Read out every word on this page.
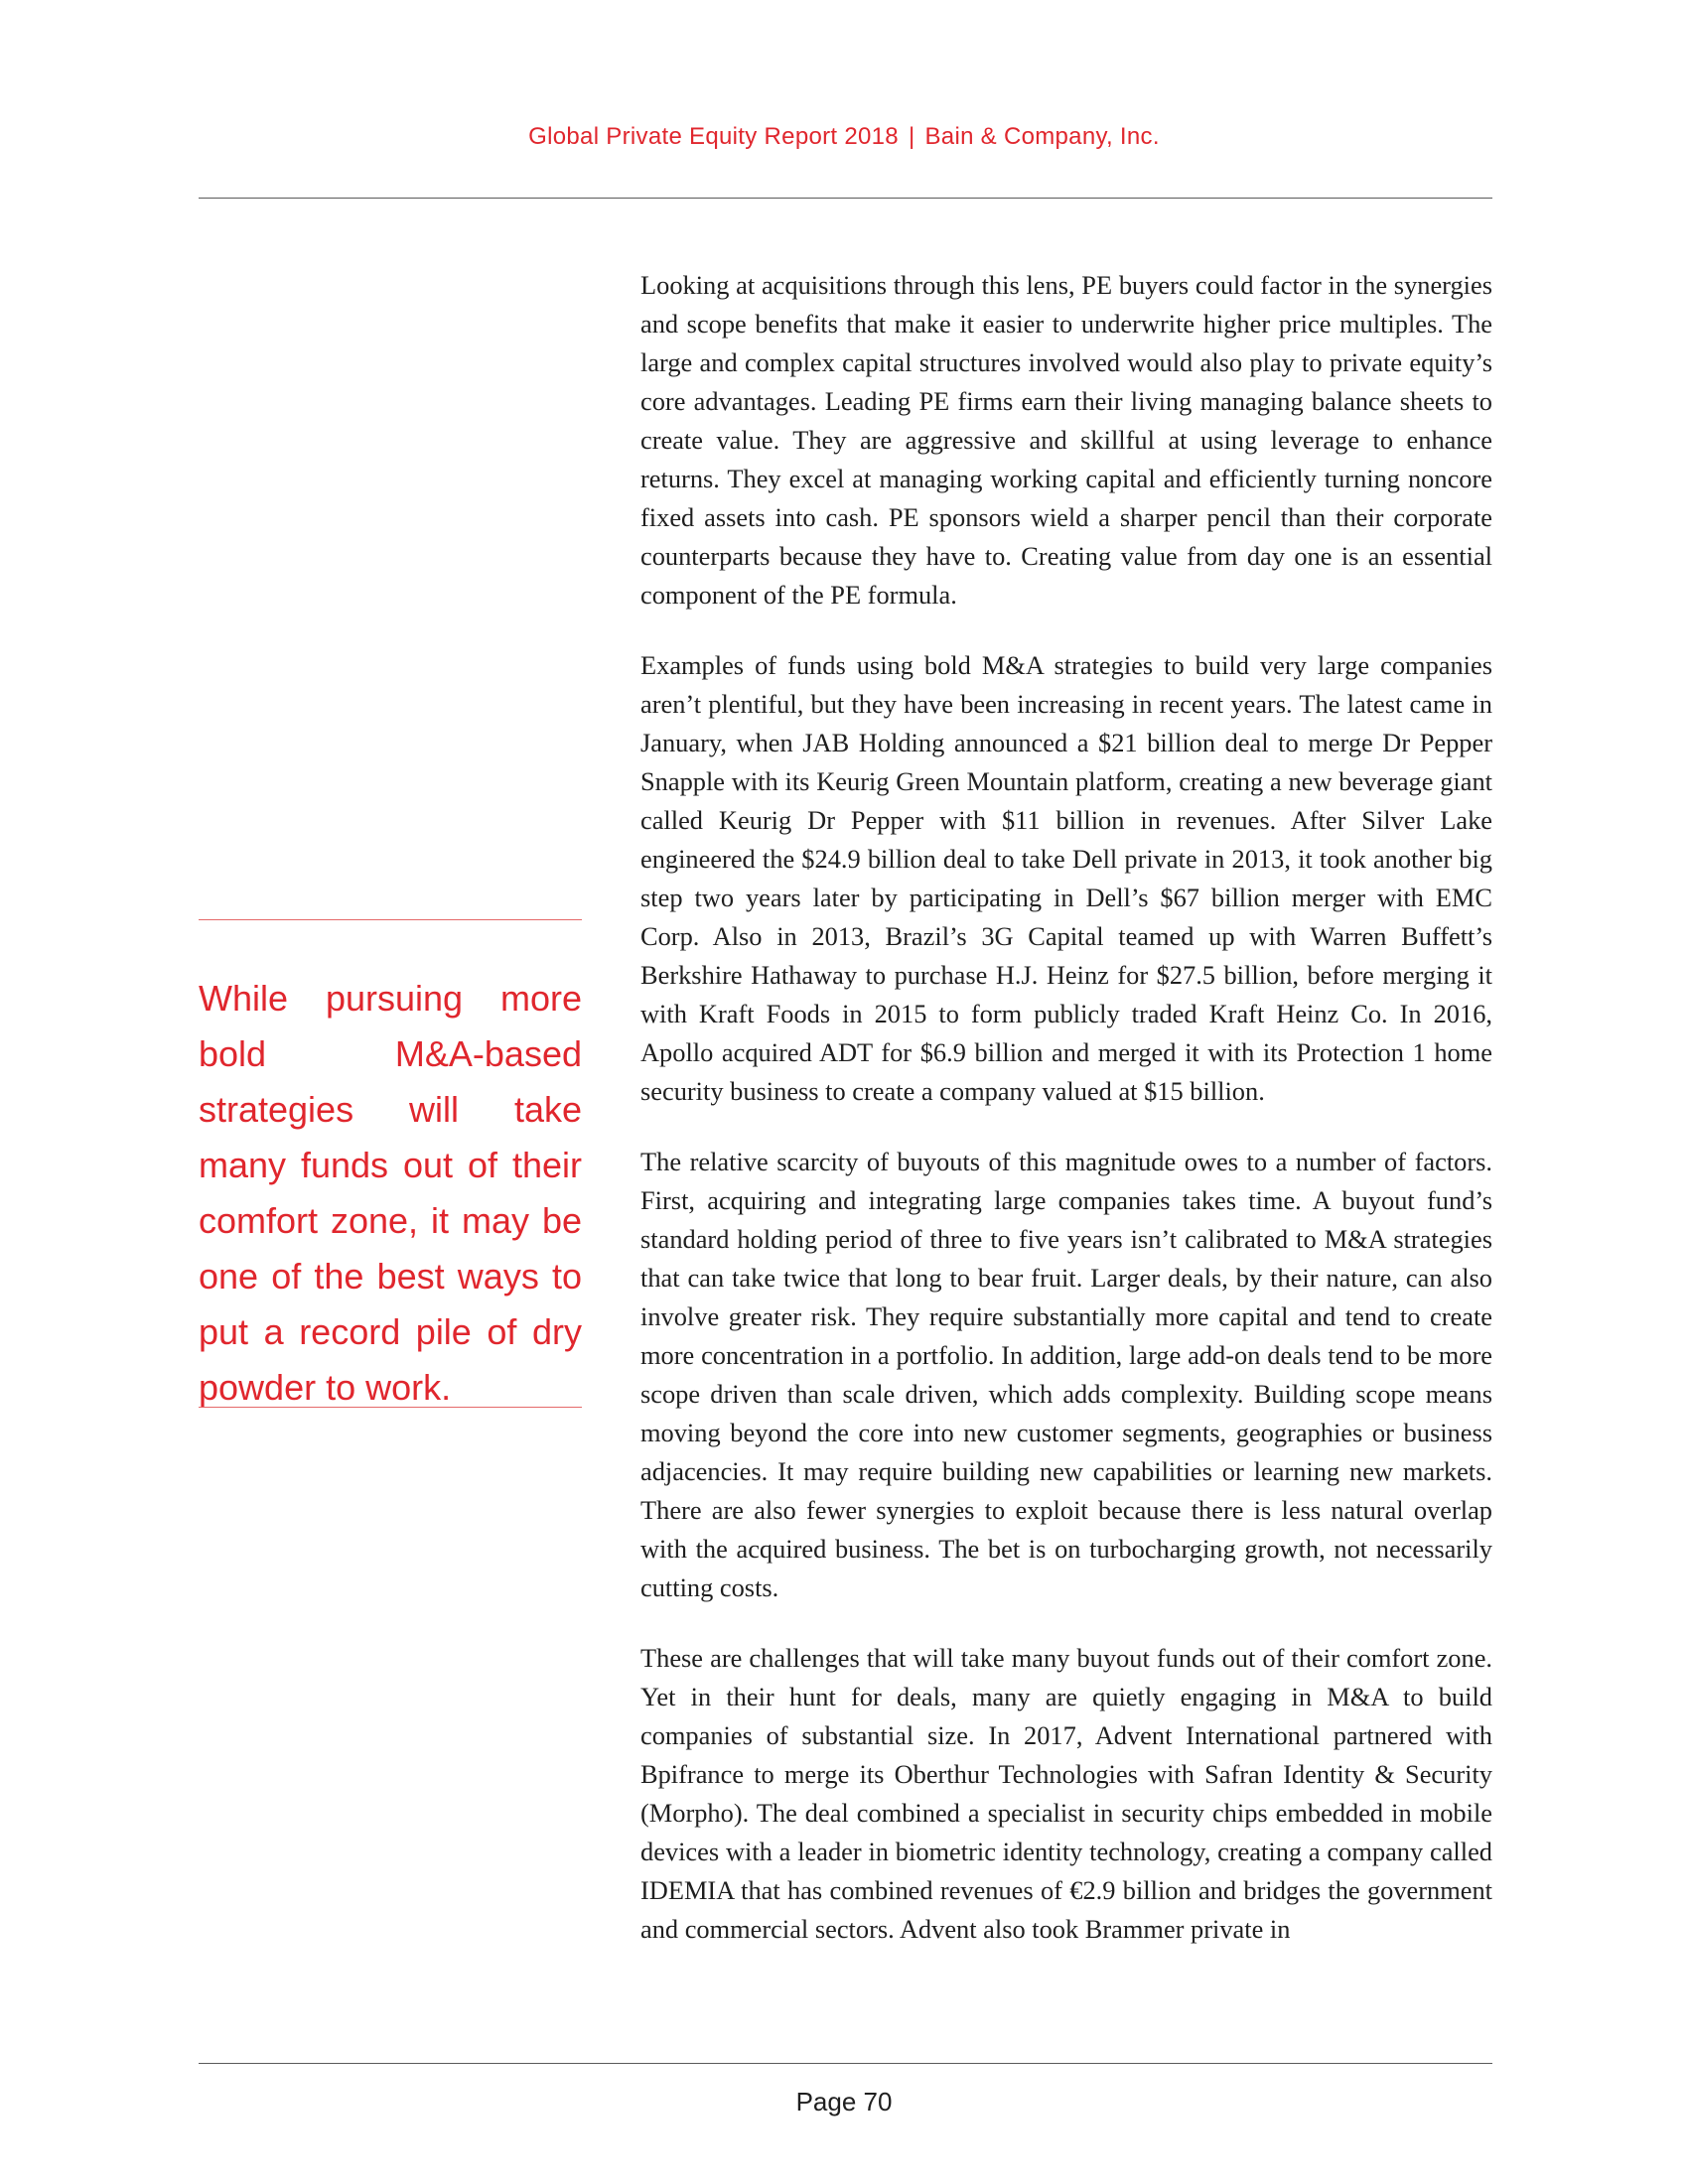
Global Private Equity Report 2018 | Bain & Company, Inc.

While pursuing more bold M&A-based strategies will take many funds out of their comfort zone, it may be one of the best ways to put a record pile of dry powder to work.

Looking at acquisitions through this lens, PE buyers could factor in the synergies and scope benefits that make it easier to underwrite higher price multiples. The large and complex capital structures involved would also play to private equity’s core advantages. Leading PE firms earn their living managing balance sheets to create value. They are aggressive and skillful at using leverage to enhance returns. They excel at managing working capital and efficiently turning noncore fixed assets into cash. PE sponsors wield a sharper pencil than their corporate counterparts because they have to. Creating value from day one is an essential component of the PE formula.

Examples of funds using bold M&A strategies to build very large companies aren’t plentiful, but they have been increasing in recent years. The latest came in January, when JAB Holding announced a $21 billion deal to merge Dr Pepper Snapple with its Keurig Green Mountain platform, creating a new beverage giant called Keurig Dr Pepper with $11 billion in revenues. After Silver Lake engineered the $24.9 billion deal to take Dell private in 2013, it took another big step two years later by participating in Dell’s $67 billion merger with EMC Corp. Also in 2013, Brazil’s 3G Capital teamed up with Warren Buffett’s Berkshire Hathaway to purchase H.J. Heinz for $27.5 billion, before merging it with Kraft Foods in 2015 to form publicly traded Kraft Heinz Co. In 2016, Apollo acquired ADT for $6.9 billion and merged it with its Protection 1 home security business to create a company valued at $15 billion.

The relative scarcity of buyouts of this magnitude owes to a number of factors. First, acquiring and integrating large companies takes time. A buyout fund’s standard holding period of three to five years isn’t calibrated to M&A strategies that can take twice that long to bear fruit. Larger deals, by their nature, can also involve greater risk. They require substantially more capital and tend to create more concentration in a portfolio. In addition, large add-on deals tend to be more scope driven than scale driven, which adds complexity. Building scope means moving beyond the core into new customer segments, geographies or business adjacencies. It may require building new capabilities or learning new markets. There are also fewer synergies to exploit because there is less natural overlap with the acquired business. The bet is on turbocharging growth, not necessarily cutting costs.

These are challenges that will take many buyout funds out of their comfort zone. Yet in their hunt for deals, many are quietly engaging in M&A to build companies of substantial size. In 2017, Advent International partnered with Bpifrance to merge its Oberthur Technologies with Safran Identity & Security (Morpho). The deal combined a specialist in security chips embedded in mobile devices with a leader in biometric identity technology, creating a company called IDEMIA that has combined revenues of €2.9 billion and bridges the government and commercial sectors. Advent also took Brammer private in

Page 70
